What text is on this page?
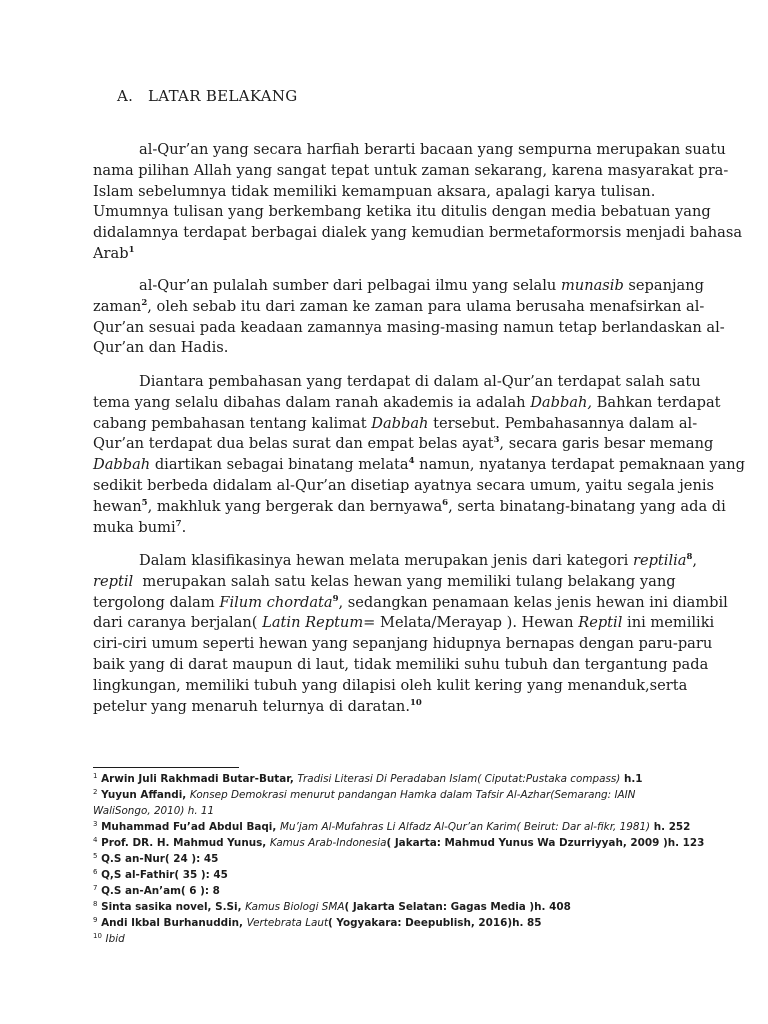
A. LATAR BELAKANG
al-Qur’an yang secara harfiah berarti bacaan yang sempurna merupakan suatu
nama pilihan Allah yang sangat tepat untuk zaman sekarang, karena masyarakat pra-
Islam sebelumnya tidak memiliki kemampuan aksara, apalagi karya tulisan.
Umumnya tulisan yang berkembang ketika itu ditulis dengan media bebatuan yang
didalamnya terdapat berbagai dialek yang kemudian bermetaformorsis menjadi bahasa
Arab$^1$
al-Qur’an pulalah sumber dari pelbagai ilmu yang selalu munasib sepanjang
zaman$^2$, oleh sebab itu dari zaman ke zaman para ulama berusaha menafsirkan al-
Qur’an sesuai pada keadaan zamannya masing-masing namun tetap berlandaskan al-
Qur’an dan Hadis.
Diantara pembahasan yang terdapat di dalam al-Qur’an terdapat salah satu
tema yang selalu dibahas dalam ranah akademis ia adalah Dabbah, Bahkan terdapat
cabang pembahasan tentang kalimat Dabbah tersebut. Pembahasannya dalam al-
Qur’an terdapat dua belas surat dan empat belas ayat$^3$, secara garis besar memang
Dabbah diartikan sebagai binatang melata$^4$ namun, nyatanya terdapat pemaknaan yang
sedikit berbeda didalam al-Qur’an disetiap ayatnya secara umum, yaitu segala jenis
hewan$^5$, makhluk yang bergerak dan bernyawa$^6$, serta binatang-binatang yang ada di
muka bumi$^7$.
Dalam klasifikasinya hewan melata merupakan jenis dari kategori reptilia$^8$,
reptil  merupakan salah satu kelas hewan yang memiliki tulang belakang yang
tergolong dalam Filum chordata$^9$, sedangkan penamaan kelas jenis hewan ini diambil
dari caranya berjalan( Latin Reptum= Melata/Merayap ). Hewan Reptil ini memiliki
ciri-ciri umum seperti hewan yang sepanjang hidupnya bernapas dengan paru-paru
baik yang di darat maupun di laut, tidak memiliki suhu tubuh dan tergantung pada
lingkungan, memiliki tubuh yang dilapisi oleh kulit kering yang menanduk,serta
petelur yang menaruh telurnya di daratan.$^{10}$
$^1$ Arwin Juli Rakhmadi Butar-Butar, Tradisi Literasi Di Peradaban Islam( Ciputat:Pustaka compass) h.1
$^2$ Yuyun Affandi, Konsep Demokrasi menurut pandangan Hamka dalam Tafsir Al-Azhar(Semarang: IAIN
WaliSongo, 2010) h. 11
$^3$ Muhammad Fu’ad Abdul Baqi, Mu’jam Al-Mufahras Li Alfadz Al-Qur’an Karim( Beirut: Dar al-fikr, 1981) h. 252
$^4$ Prof. DR. H. Mahmud Yunus, Kamus Arab-Indonesia( Jakarta: Mahmud Yunus Wa Dzurriyyah, 2009 )h. 123
$^5$ Q.S an-Nur( 24 ): 45
$^6$ Q,S al-Fathir( 35 ): 45
$^7$ Q.S an-An’am( 6 ): 8
$^8$ Sinta sasika novel, S.Si, Kamus Biologi SMA( Jakarta Selatan: Gagas Media )h. 408
$^9$ Andi Ikbal Burhanuddin, Vertebrata Laut( Yogyakara: Deepublish, 2016)h. 85
$^{10}$ Ibid
